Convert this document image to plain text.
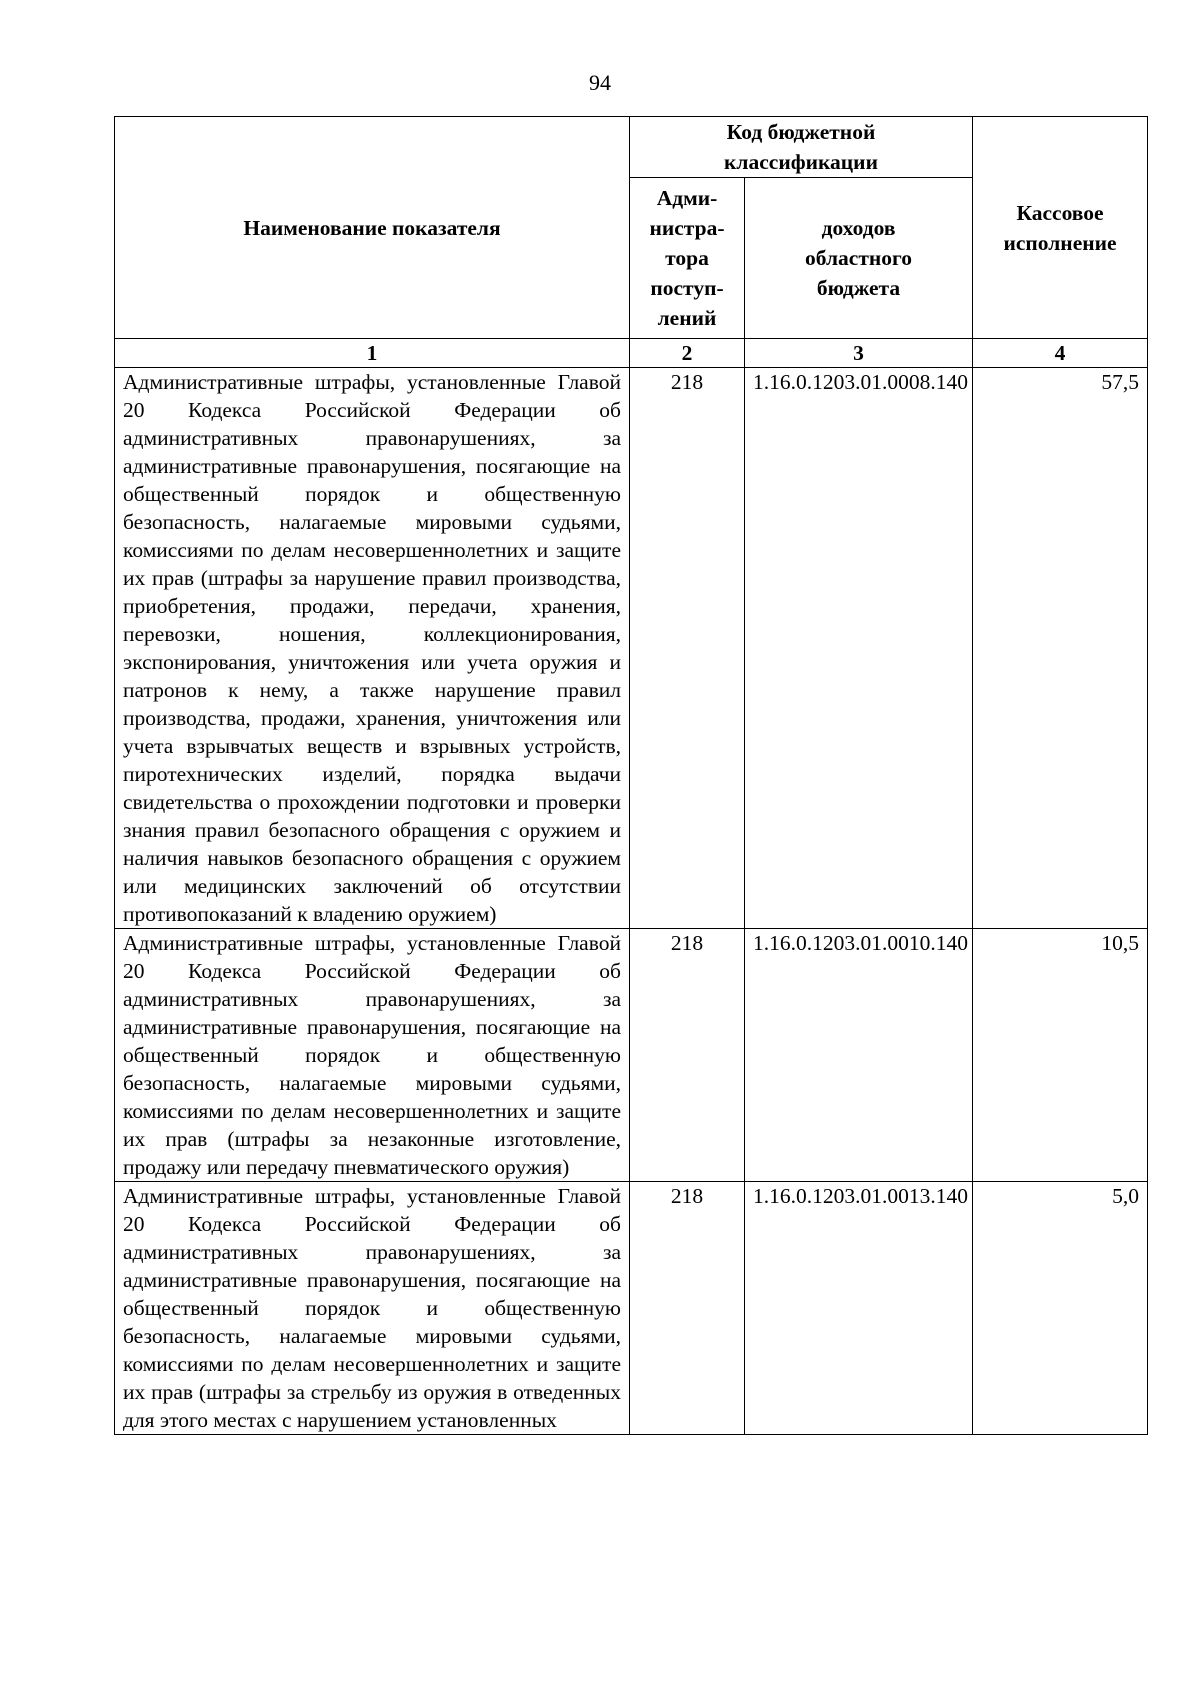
94
Наименование показателя	Код бюджетной классификации		Кассовое исполнение
	Адми-нистра-тора поступ-лений	доходов областного бюджета	
1	2	3	4
Административные штрафы, установленные Главой 20 Кодекса Российской Федерации об административных правонарушениях, за административные правонарушения, посягающие на общественный порядок и общественную безопасность, налагаемые мировыми судьями, комиссиями по делам несовершеннолетних и защите их прав (штрафы за нарушение правил производства, приобретения, продажи, передачи, хранения, перевозки, ношения, коллекционирования, экспонирования, уничтожения или учета оружия и патронов к нему, а также нарушение правил производства, продажи, хранения, уничтожения или учета взрывчатых веществ и взрывных устройств, пиротехнических изделий, порядка выдачи свидетельства о прохождении подготовки и проверки знания правил безопасного обращения с оружием и наличия навыков безопасного обращения с оружием или медицинских заключений об отсутствии противопоказаний к владению оружием)	218	1.16.0.1203.01.0008.140	57,5
Административные штрафы, установленные Главой 20 Кодекса Российской Федерации об административных правонарушениях, за административные правонарушения, посягающие на общественный порядок и общественную безопасность, налагаемые мировыми судьями, комиссиями по делам несовершеннолетних и защите их прав (штрафы за незаконные изготовление, продажу или передачу пневматического оружия)	218	1.16.0.1203.01.0010.140	10,5
Административные штрафы, установленные Главой 20 Кодекса Российской Федерации об административных правонарушениях, за административные правонарушения, посягающие на общественный порядок и общественную безопасность, налагаемые мировыми судьями, комиссиями по делам несовершеннолетних и защите их прав (штрафы за стрельбу из оружия в отведенных для этого местах с нарушением установленных	218	1.16.0.1203.01.0013.140	5,0
